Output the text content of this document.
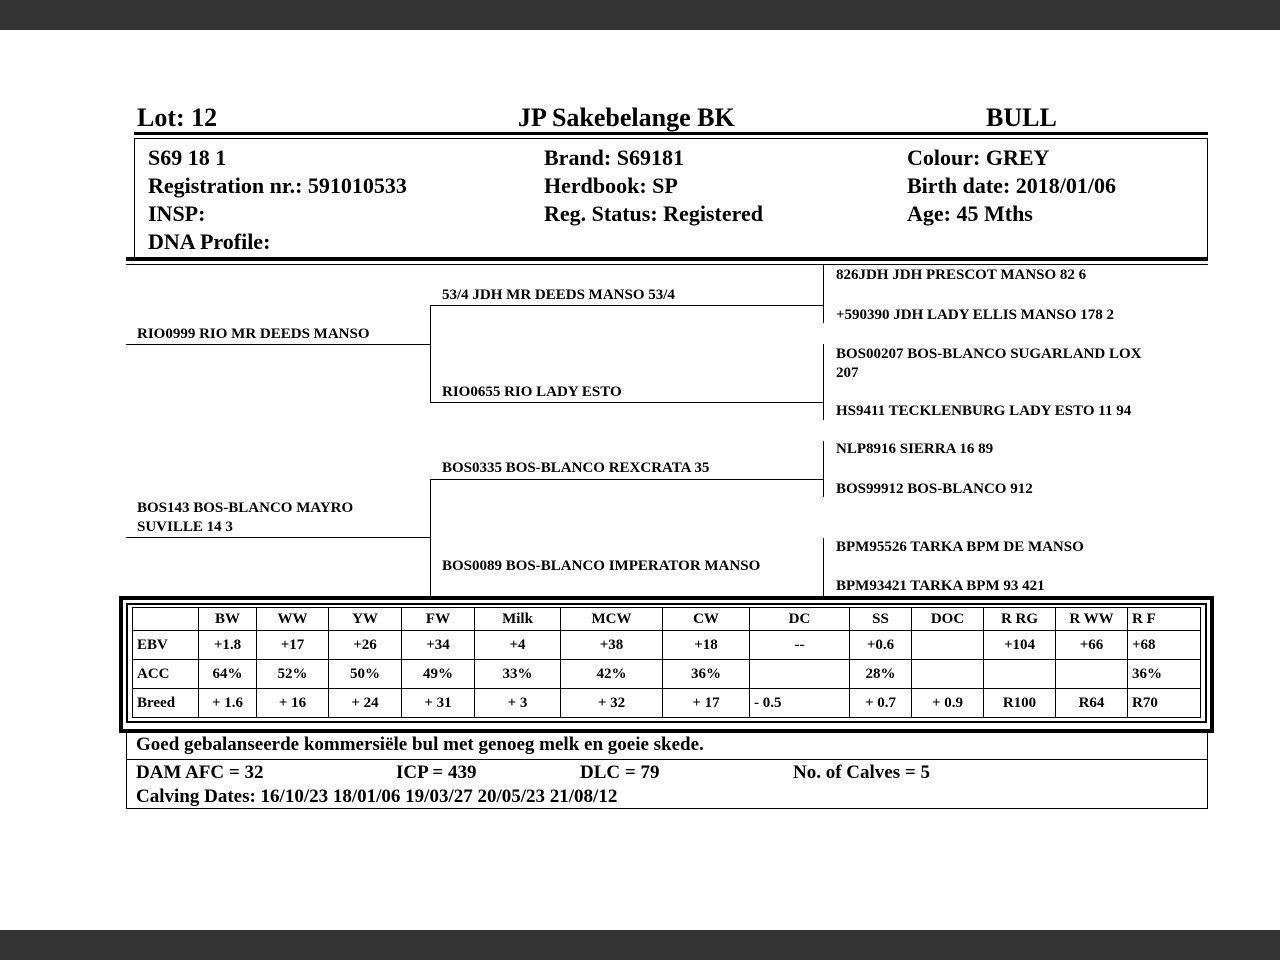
Lot: 12	JP Sakebelange BK	BULL
S69 18 1
Registration nr.: 591010533
INSP:
DNA Profile:
Brand: S69181
Herdbook: SP
Reg. Status: Registered
Colour: GREY
Birth date: 2018/01/06
Age: 45 Mths
RIO0999 RIO MR DEEDS MANSO
BOS143 BOS-BLANCO MAYRO
SUVILLE 14 3
53/4 JDH MR DEEDS MANSO 53/4
RIO0655 RIO LADY ESTO
BOS0335 BOS-BLANCO REXCRATA 35
BOS0089 BOS-BLANCO IMPERATOR MANSO
826JDH JDH PRESCOT MANSO 82 6
+590390 JDH LADY ELLIS MANSO 178 2
BOS00207 BOS-BLANCO SUGARLAND LOX
207
HS9411 TECKLENBURG LADY ESTO 11 94
NLP8916 SIERRA 16 89
BOS99912 BOS-BLANCO 912
BPM95526 TARKA BPM DE MANSO
BPM93421 TARKA BPM 93 421
	BW	WW	YW	FW	Milk	MCW	CW	DC	SS	DOC	R RG	R WW	R F
EBV	+1.8	+17	+26	+34	+4	+38	+18	--	+0.6		+104	+66	+68
ACC	64%	52%	50%	49%	33%	42%	36%		28%				36%
Breed	+ 1.6	+ 16	+ 24	+ 31	+ 3	+ 32	+ 17	- 0.5	+ 0.7	+ 0.9	R100	R64	R70
Goed gebalanseerde kommersiële bul met genoeg melk en goeie skede.
DAM AFC = 32	ICP = 439	DLC = 79	No. of Calves = 5
Calving Dates: 16/10/23 18/01/06 19/03/27 20/05/23 21/08/12
